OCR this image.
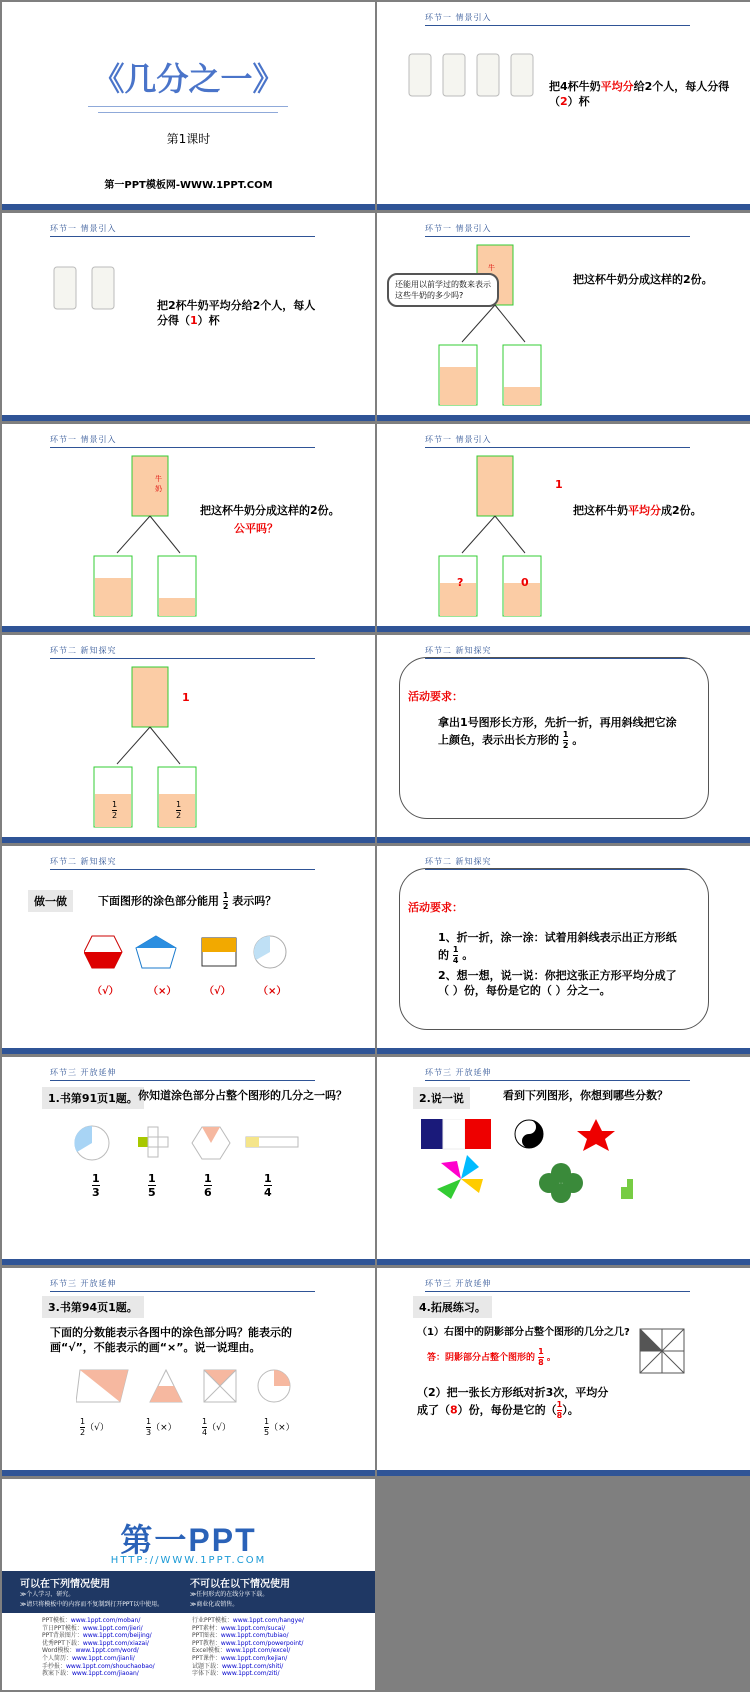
《几分之一》
第1课时
第一PPT模板网-WWW.1PPT.COM
环节一 情景引入
把4杯牛奶平均分给2个人，每人分得（2）杯
环节一 情景引入
把2杯牛奶平均分给2个人，每人分得（1）杯
环节一 情景引入
牛
还能用以前学过的数来表示这些牛奶的多少吗?
把这杯牛奶分成这样的2份。
环节一 情景引入
牛奶
把这杯牛奶分成这样的2份。
公平吗？
环节一 情景引入
1
?	0
把这杯牛奶平均分成2份。
环节二 新知探究
1
1
2
1
2
环节二 新知探究
活动要求：
拿出1号图形长方形，先折一折，再用斜线把它涂上颜色，表示出长方形的 $\frac{1}{2}$ 。
环节二 新知探究
做一做	下面图形的涂色部分能用 $\frac{1}{2}$ 表示吗？
（√）	（×）	（√）	（×）
环节二 新知探究
活动要求：
1、折一折，涂一涂：试着用斜线表示出正方形纸的 $\frac{1}{4}$ 。
2、想一想，说一说：你把这张正方形平均分成了（ ）份，每份是它的（ ）分之一。
环节三 开放延伸
1.书第91页1题。 你知道涂色部分占整个图形的几分之一吗？
1
3
1
5
1
6
1
4
环节三 开放延伸
2.说一说	看到下列图形，你想到哪些分数？
环节三 开放延伸
3.书第94页1题。
下面的分数能表示各图中的涂色部分吗？能表示的画“√”，不能表示的画“×”。说一说理由。
$\frac{1}{2}$ （√）	$\frac{1}{3}$ （×）	$\frac{1}{4}$ （√）	$\frac{1}{5}$ （×）
环节三 开放延伸
4.拓展练习。
（1）右图中的阴影部分占整个图形的几分之几?
答：阴影部分占整个图形的 $\frac{1}{8}$ 。
（2）把一张长方形纸对折3次，平均分成了（8）份，每份是它的（ $\frac{1}{8}$ ）。
第一PPT
HTTP://WWW.1PPT.COM
可以在下列情况使用
≫个人学习、研究。
≫请只将模板中的内容而不复制到打开PPT以中使用。
不可以在以下情况使用
≫任何形式的在线分享下载。
≫商业化或销售。
PPT模板：www.1ppt.com/moban/
节日PPT模板：www.1ppt.com/jieri/
PPT背景图片：www.1ppt.com/beijing/
优秀PPT下载：www.1ppt.com/xiazai/
Word模板：www.1ppt.com/word/
个人简历：www.1ppt.com/jianli/
手抄报：www.1ppt.com/shouchaobao/
教案下载：www.1ppt.com/jiaoan/
行业PPT模板：www.1ppt.com/hangye/
PPT素材：www.1ppt.com/sucai/
PPT图表：www.1ppt.com/tubiao/
PPT教程：www.1ppt.com/powerpoint/
Excel模板：www.1ppt.com/excel/
PPT课件：www.1ppt.com/kejian/
试题下载：www.1ppt.com/shiti/
字体下载：www.1ppt.com/ziti/
